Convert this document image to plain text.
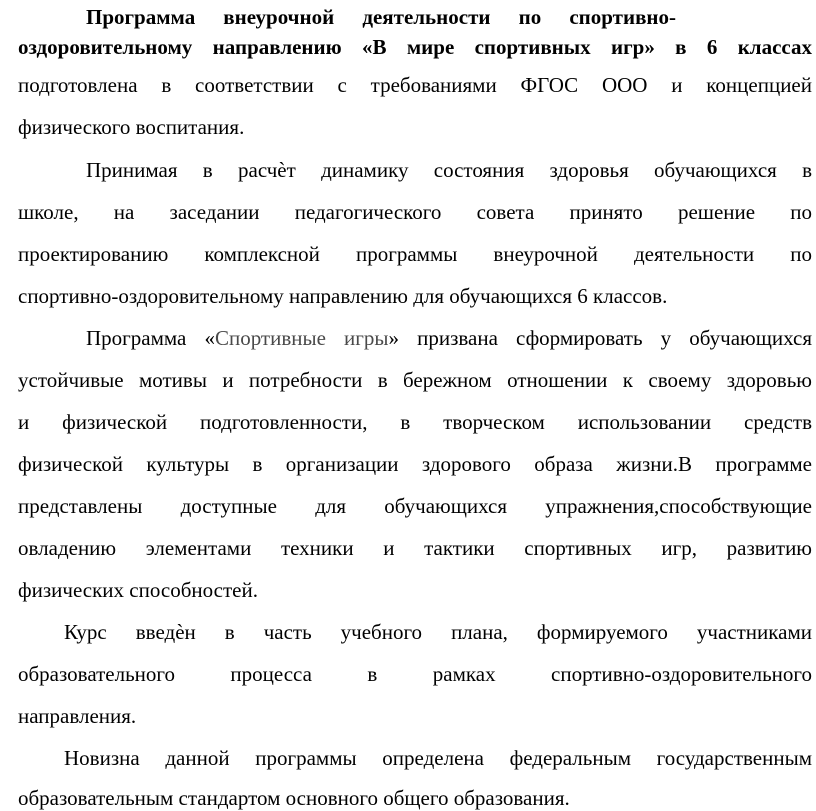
Программа внеурочной деятельности по спортивно-
оздоровительному направлению «В мире спортивных игр» в 6 классах
подготовлена в соответствии с требованиями ФГОС ООО и концепцией
физического воспитания.
Принимая в расчѐт динамику состояния здоровья обучающихся в
школе, на заседании педагогического совета принято решение по
проектированию комплексной программы внеурочной деятельности по
спортивно-оздоровительному направлению для обучающихся 6 классов.
Программа «Спортивные игры» призвана сформировать у обучающихся
устойчивые мотивы и потребности в бережном отношении к своему здоровью
и физической подготовленности, в творческом использовании средств
физической культуры в организации здорового образа жизни.В программе
представлены доступные для обучающихся упражнения,способствующие
овладению элементами техники и тактики спортивных игр, развитию
физических способностей.
Курс введѐн в часть учебного плана, формируемого участниками
образовательного процесса в рамках спортивно-оздоровительного
направления.
Новизна данной программы определена федеральным государственным
образовательным стандартом основного общего образования.
